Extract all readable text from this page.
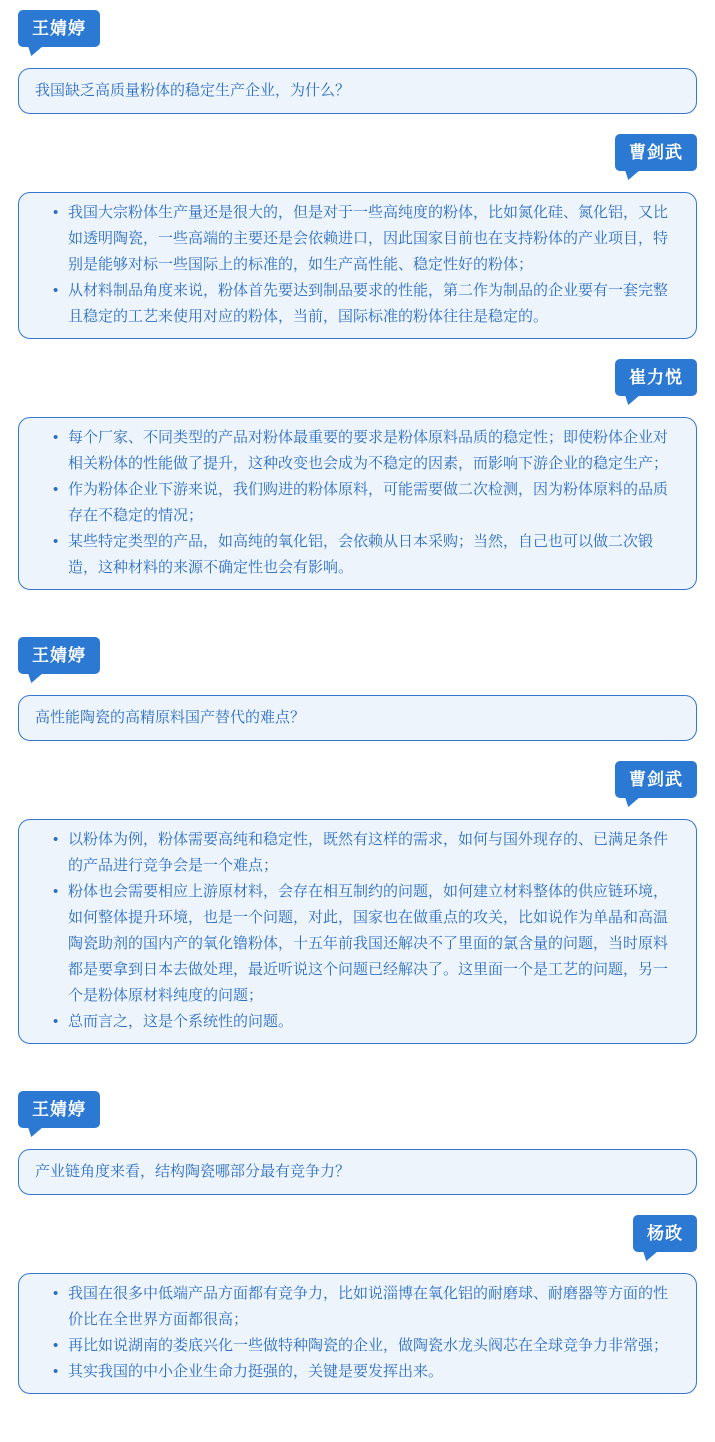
王婧婷

我国缺乏高质量粉体的稳定生产企业，为什么？

曹剑武
• 我国大宗粉体生产量还是很大的，但是对于一些高纯度的粉体，比如氮化硅、氮化铝，又比如透明陶瓷，一些高端的主要还是会依赖进口，因此国家目前也在支持粉体的产业项目，特别是能够对标一些国际上的标准的，如生产高性能、稳定性好的粉体；
• 从材料制品角度来说，粉体首先要达到制品要求的性能，第二作为制品的企业要有一套完整且稳定的工艺来使用对应的粉体，当前，国际标准的粉体往往是稳定的。
崔力悦
• 每个厂家、不同类型的产品对粉体最重要的要求是粉体原料品质的稳定性；即使粉体企业对相关粉体的性能做了提升，这种改变也会成为不稳定的因素，而影响下游企业的稳定生产；
• 作为粉体企业下游来说，我们购进的粉体原料，可能需要做二次检测，因为粉体原料的品质存在不稳定的情况；
• 某些特定类型的产品，如高纯的氧化铝，会依赖从日本采购；当然，自己也可以做二次锻造，这种材料的来源不确定性也会有影响。
王婧婷

高性能陶瓷的高精原料国产替代的难点？

曹剑武
• 以粉体为例，粉体需要高纯和稳定性，既然有这样的需求，如何与国外现存的、已满足条件的产品进行竞争会是一个难点；
• 粉体也会需要相应上游原材料，会存在相互制约的问题，如何建立材料整体的供应链环境，如何整体提升环境，也是一个问题，对此，国家也在做重点的攻关，比如说作为单晶和高温陶瓷助剂的国内产的氧化镥粉体，十五年前我国还解决不了里面的氯含量的问题，当时原料都是要拿到日本去做处理，最近听说这个问题已经解决了。这里面一个是工艺的问题，另一个是粉体原材料纯度的问题；
• 总而言之，这是个系统性的问题。
王婧婷

产业链角度来看，结构陶瓷哪部分最有竞争力？

杨政
• 我国在很多中低端产品方面都有竞争力，比如说淄博在氧化铝的耐磨球、耐磨器等方面的性价比在全世界方面都很高；
• 再比如说湖南的娄底兴化一些做特种陶瓷的企业，做陶瓷水龙头阀芯在全球竞争力非常强；
• 其实我国的中小企业生命力挺强的，关键是要发挥出来。
